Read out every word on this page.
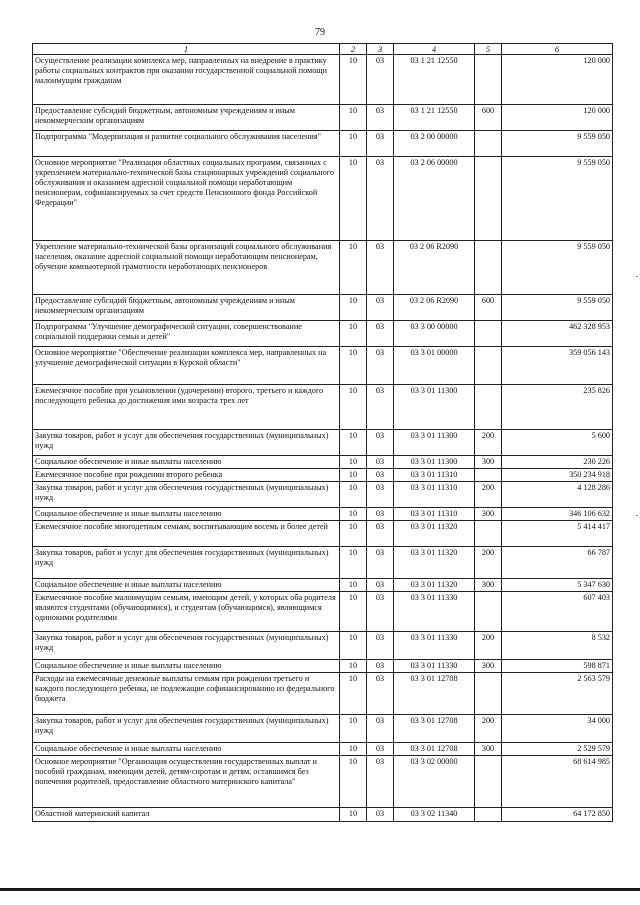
79
1	2	3	4	5	6
Осуществление реализации комплекса мер, направленных на внедрение в практику работы социальных контрактов при оказании государственной социальной помощи малоимущим гражданам	10	03	03 1 21 12550		120 000
Предоставление субсидий бюджетным, автономным учреждениям и иным некоммерческим организациям	10	03	03 1 21 12550	600	120 000
Подпрограмма "Модернизация и развитие социального обслуживания населения"	10	03	03 2 00 00000		9 559 050
Основное мероприятие "Реализация областных социальных программ, связанных с укреплением материально-технической базы стационарных учреждений социального обслуживания и оказанием адресной социальной помощи неработающим пенсионерам, софинансируемых за счет средств Пенсионного фонда Российской Федерации"	10	03	03 2 06 00000		9 559 050
Укрепление материально-технической базы организаций социального обслуживания населения, оказание адресной социальной помощи неработающим пенсионерам, обучение компьютерной грамотности неработающих пенсионеров	10	03	03 2 06 R2090		9 559 050
Предоставление субсидий бюджетным, автономным учреждениям и иным некоммерческим организациям	10	03	03 2 06 R2090	600	9 559 050
Подпрограмма "Улучшение демографической ситуации, совершенствование социальной поддержки семьи и детей"	10	03	03 3 00 00000		462 328 953
Основное мероприятие "Обеспечение реализации комплекса мер, направленных на улучшение демографической ситуации в Курской области"	10	03	03 3 01 00000		359 056 143
Ежемесячное пособие при усыновлении (удочерении) второго, третьего и каждого последующего ребенка до достижения ими возраста трех лет	10	03	03 3 01 11300		235 826
Закупка товаров, работ и услуг для обеспечения государственных (муниципальных) нужд	10	03	03 3 01 11300	200	5 600
Социальное обеспечение и иные выплаты населению	10	03	03 3 01 11300	300	230 226
Ежемесячное пособие при рождении второго ребенка	10	03	03 3 01 11310		350 234 918
Закупка товаров, работ и услуг для обеспечения государственных (муниципальных) нужд	10	03	03 3 01 11310	200	4 128 286
Социальное обеспечение и иные выплаты населению	10	03	03 3 01 11310	300	346 106 632
Ежемесячное пособие многодетным семьям, воспитывающим восемь и более детей	10	03	03 3 01 11320		5 414 417
Закупка товаров, работ и услуг для обеспечения государственных (муниципальных) нужд	10	03	03 3 01 11320	200	66 787
Социальное обеспечение и иные выплаты населению	10	03	03 3 01 11320	300	5 347 630
Ежемесячное пособие малоимущим семьям, имеющим детей, у которых оба родителя являются студентами (обучающимися), и студентам (обучающимся), являющимся одинокими родителями	10	03	03 3 01 11330		607 403
Закупка товаров, работ и услуг для обеспечения государственных (муниципальных) нужд	10	03	03 3 01 11330	200	8 532
Социальное обеспечение и иные выплаты населению	10	03	03 3 01 11330	300	598 871
Расходы на ежемесячные денежные выплаты семьям при рождении третьего и каждого последующего ребенка, не подлежащие софинансированию из федерального бюджета	10	03	03 3 01 12708		2 563 579
Закупка товаров, работ и услуг для обеспечения государственных (муниципальных) нужд	10	03	03 3 01 12708	200	34 000
Социальное обеспечение и иные выплаты населению	10	03	03 3 01 12708	300	2 529 579
Основное мероприятие "Организация осуществления государственных выплат и пособий гражданам, имеющим детей, детям-сиротам и детям, оставшимся без попечения родителей, предоставление областного материнского капитала"	10	03	03 3 02 00000		68 614 985
Областной материнский капитал	10	03	03 3 02 11340		64 172 850
